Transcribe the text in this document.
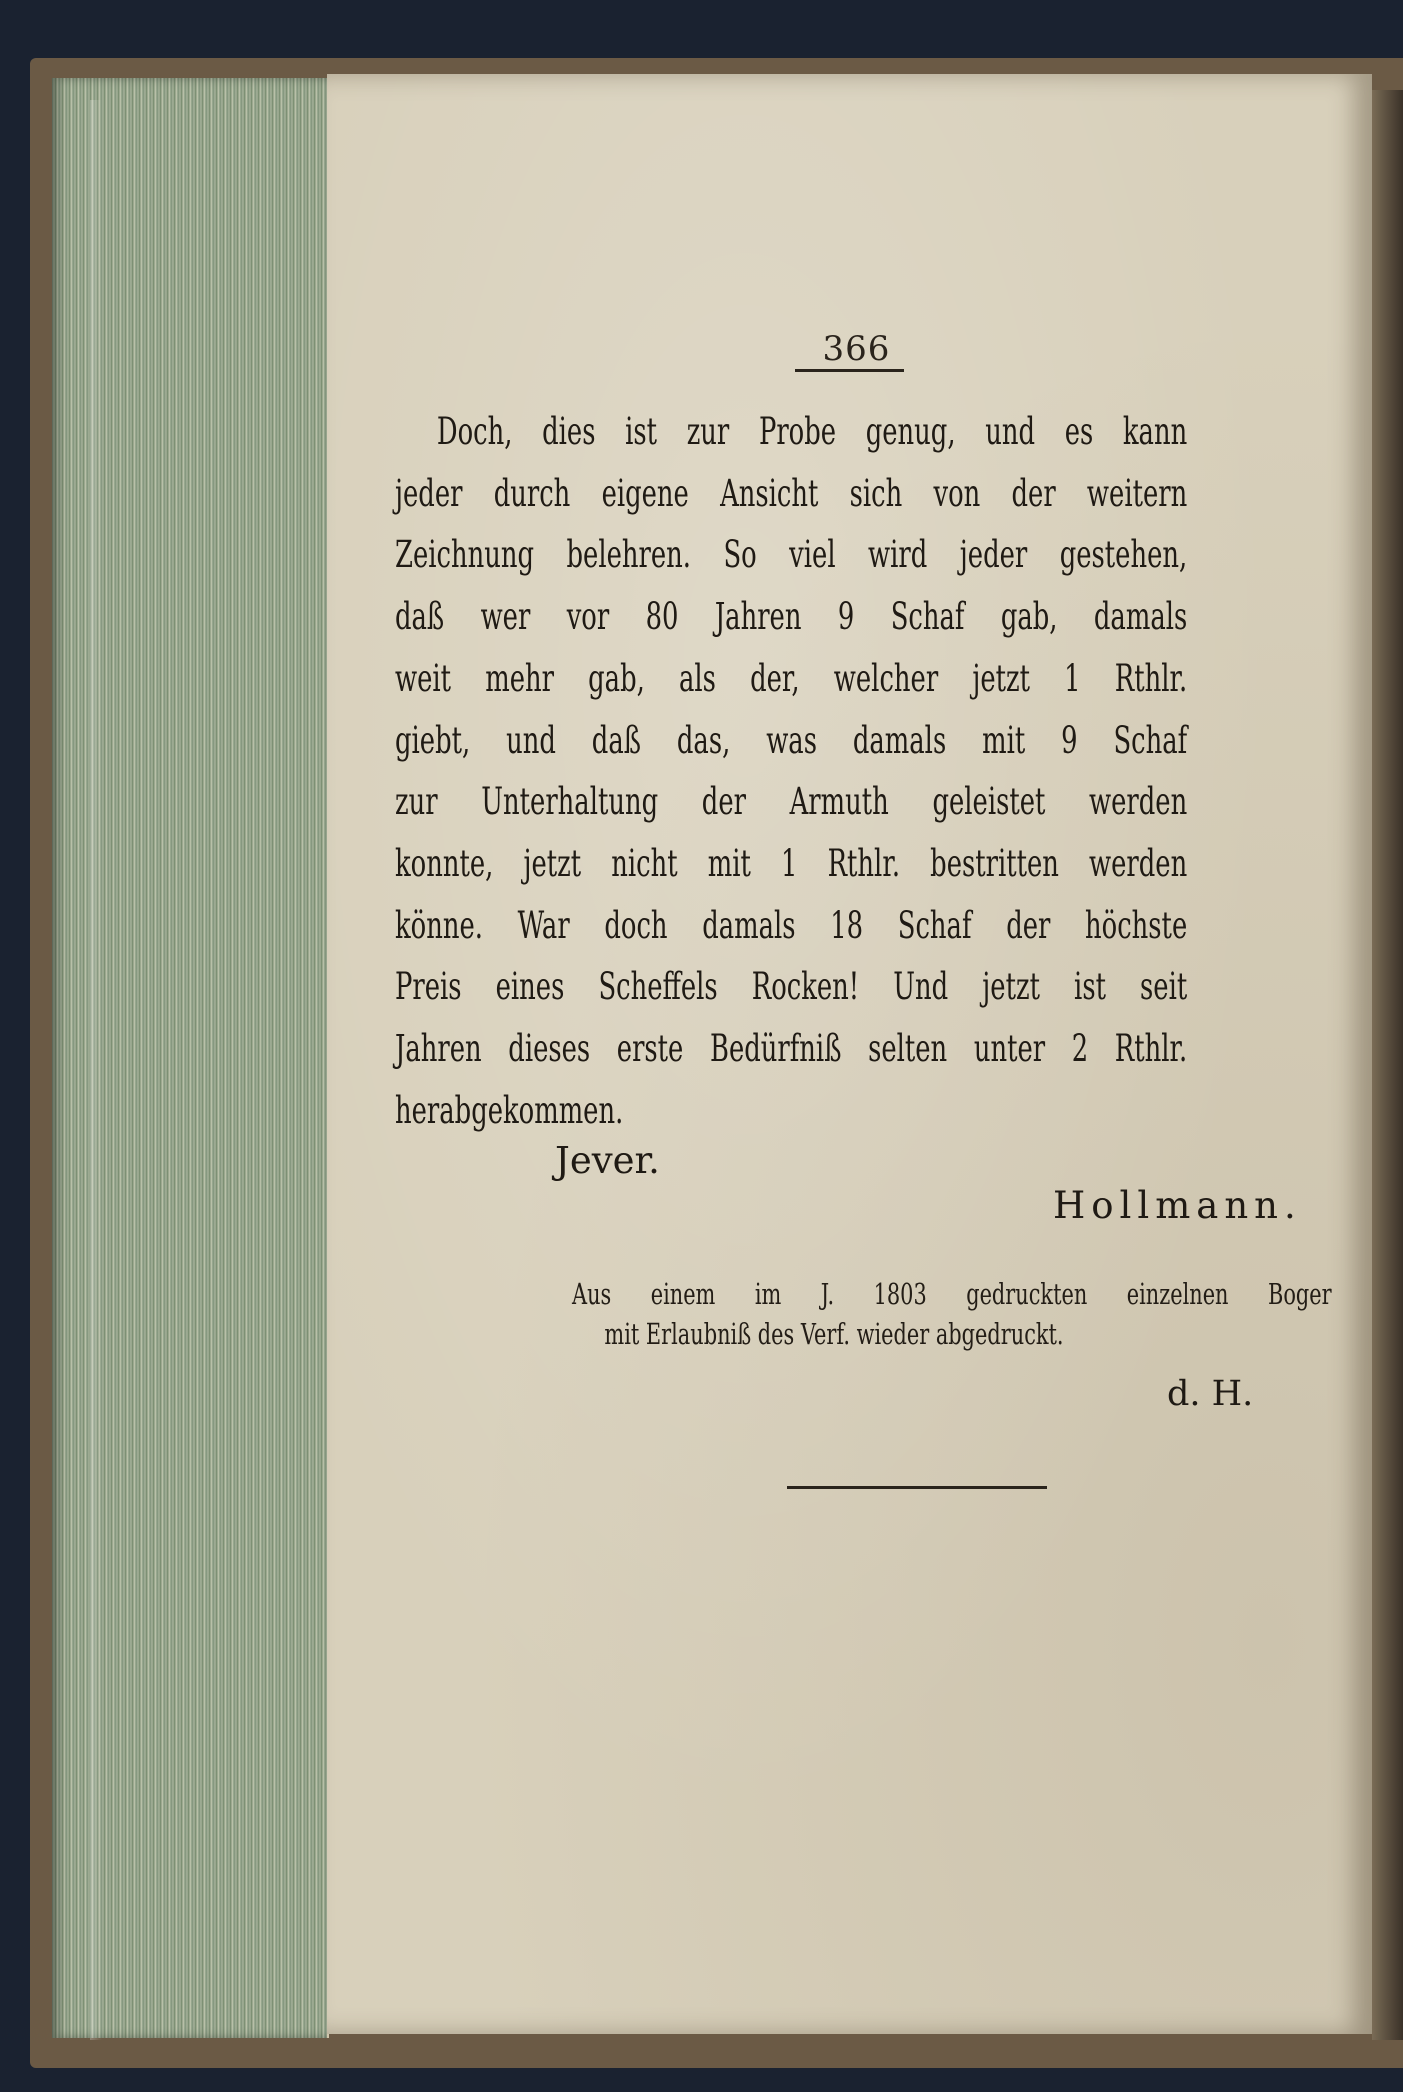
366
Doch, dies ist zur Probe genug, und es kann
jeder durch eigene Ansicht sich von der weitern
Zeichnung belehren. So viel wird jeder gestehen,
daß wer vor 80 Jahren 9 Schaf gab, damals
weit mehr gab, als der, welcher jetzt 1 Rthlr.
giebt, und daß das, was damals mit 9 Schaf
zur Unterhaltung der Armuth geleistet werden
konnte, jetzt nicht mit 1 Rthlr. bestritten werden
könne. War doch damals 18 Schaf der höchste
Preis eines Scheffels Rocken! Und jetzt ist seit
Jahren dieses erste Bedürfniß selten unter 2 Rthlr.
herabgekommen.
Jever.
Hollmann.
Aus einem im J. 1803 gedruckten einzelnen Boger
mit Erlaubniß des Verf. wieder abgedruckt.
d. H.
